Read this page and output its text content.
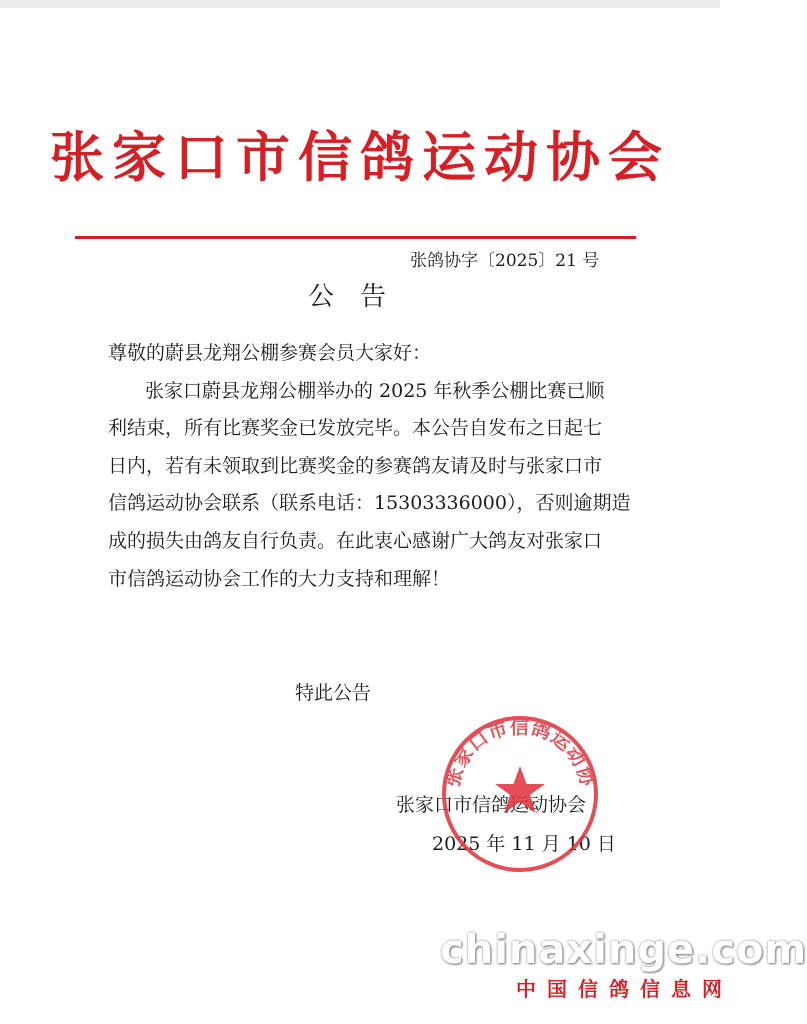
张家口市信鸽运动协会
张鸽协字〔2025〕21 号
公告
尊敬的蔚县龙翔公棚参赛会员大家好：
张家口蔚县龙翔公棚举办的 2025 年秋季公棚比赛已顺
利结束，所有比赛奖金已发放完毕。本公告自发布之日起七
日内，若有未领取到比赛奖金的参赛鸽友请及时与张家口市
信鸽运动协会联系（联系电话：15303336000），否则逾期造
成的损失由鸽友自行负责。在此衷心感谢广大鸽友对张家口
市信鸽运动协会工作的大力支持和理解！
特此公告
张家口市信鸽运动协会
2025 年 11 月 10 日
张家口市信鸽运动协
chinaxinge.com
中国信鸽信息网
